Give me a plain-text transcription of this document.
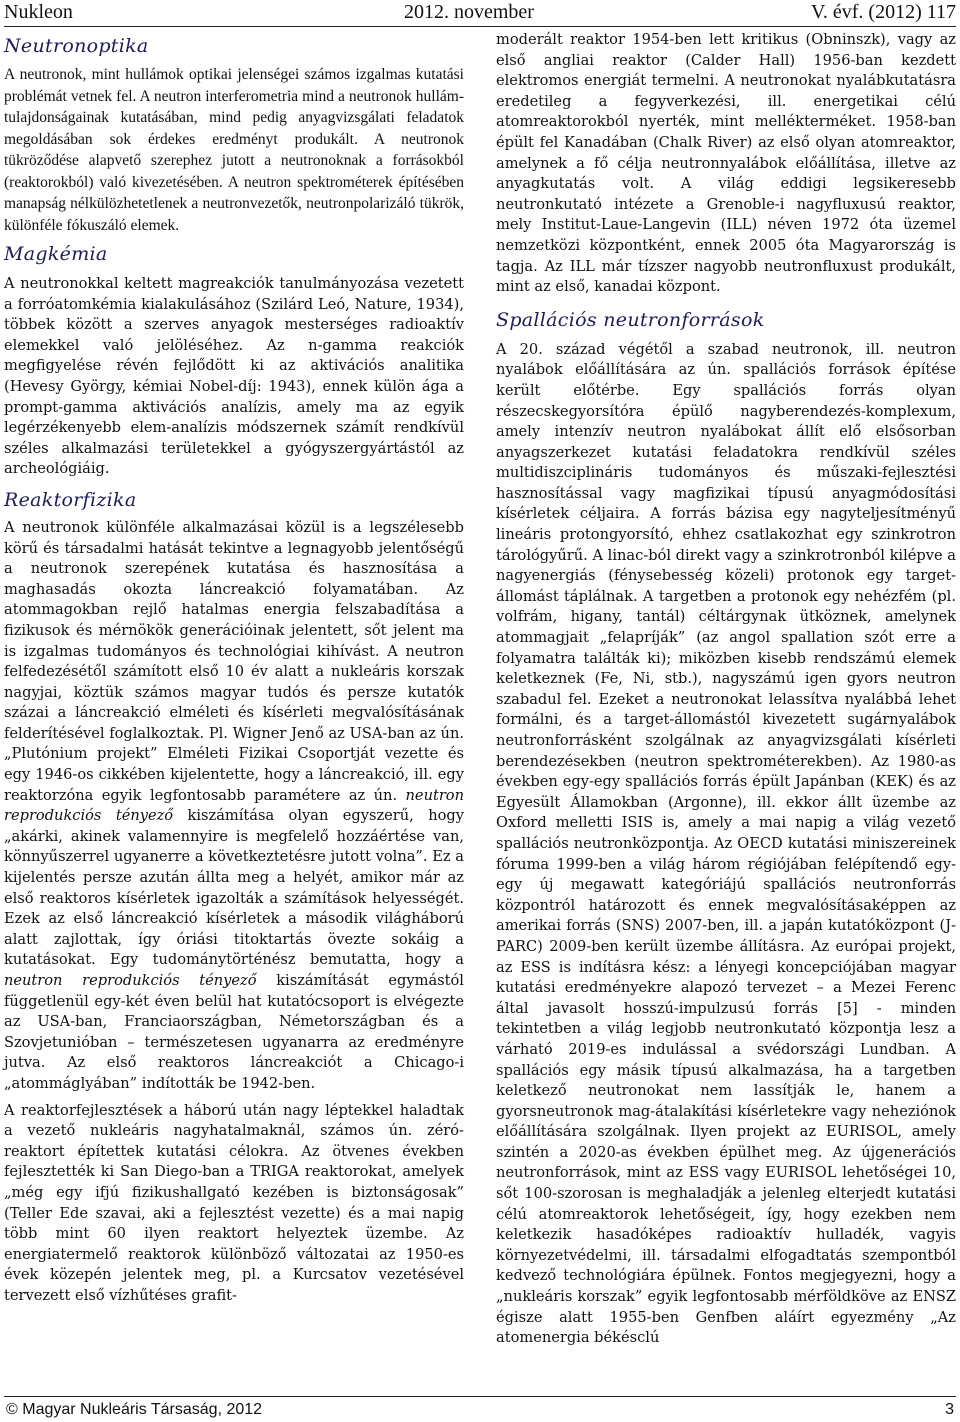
Nukleon	2012. november	V. évf. (2012) 117
Neutronoptika

A neutronok, mint hullámok optikai jelenségei számos izgalmas kutatási problémát vetnek fel. A neutron interferometria mind a neutronok hullám-tulajdonságainak kutatásában, mind pedig anyagvizsgálati feladatok megoldásában sok érdekes eredményt produkált. A neutronok tükröződése alapvető szerephez jutott a neutronoknak a forrásokból (reaktorokból) való kivezetésében. A neutron spektrométerek építésében manapság nélkülözhetetlenek a neutronvezetők, neutronpolarizáló tükrök, különféle fókuszáló elemek.

Magkémia

A neutronokkal keltett magreakciók tanulmányozása vezetett a forróatomkémia kialakulásához (Szilárd Leó, Nature, 1934), többek között a szerves anyagok mesterséges radioaktív elemekkel való jelöléséhez. Az n-gamma reakciók megfigyelése révén fejlődött ki az aktivációs analitika (Hevesy György, kémiai Nobel-díj: 1943), ennek külön ága a prompt-gamma aktivációs analízis, amely ma az egyik legérzékenyebb elem-analízis módszernek számít rendkívül széles alkalmazási területekkel a gyógyszergyártástól az archeológiáig.

Reaktorfizika

A neutronok különféle alkalmazásai közül is a legszélesebb körű és társadalmi hatását tekintve a legnagyobb jelentőségű a neutronok szerepének kutatása és hasznosítása a maghasadás okozta láncreakció folyamatában. Az atommagokban rejlő hatalmas energia felszabadítása a fizikusok és mérnökök generációinak jelentett, sőt jelent ma is izgalmas tudományos és technológiai kihívást. A neutron felfedezésétől számított első 10 év alatt a nukleáris korszak nagyjai, köztük számos magyar tudós és persze kutatók százai a láncreakció elméleti és kísérleti megvalósításának felderítésével foglalkoztak. Pl. Wigner Jenő az USA-ban az ún. „Plutónium projekt” Elméleti Fizikai Csoportját vezette és egy 1946-os cikkében kijelentette, hogy a láncreakció, ill. egy reaktorzóna egyik legfontosabb paramétere az ún. neutron reprodukciós tényező kiszámítása olyan egyszerű, hogy „akárki, akinek valamennyire is megfelelő hozzáértése van, könnyűszerrel ugyanerre a következtetésre jutott volna”. Ez a kijelentés persze azután állta meg a helyét, amikor már az első reaktoros kísérletek igazolták a számítások helyességét. Ezek az első láncreakció kísérletek a második világháború alatt zajlottak, így óriási titoktartás övezte sokáig a kutatásokat. Egy tudománytörténész bemutatta, hogy a neutron reprodukciós tényező kiszámítását egymástól függetlenül egy-két éven belül hat kutatócsoport is elvégezte az USA-ban, Franciaországban, Németországban és a Szovjetunióban – természetesen ugyanarra az eredményre jutva. Az első reaktoros láncreakciót a Chicago-i „atommáglyában” indították be 1942-ben.

A reaktorfejlesztések a háború után nagy léptekkel haladtak a vezető nukleáris nagyhatalmaknál, számos ún. zéró-reaktort építettek kutatási célokra. Az ötvenes években fejlesztették ki San Diego-ban a TRIGA reaktorokat, amelyek „még egy ifjú fizikushallgató kezében is biztonságosak” (Teller Ede szavai, aki a fejlesztést vezette) és a mai napig több mint 60 ilyen reaktort helyeztek üzembe. Az energiatermelő reaktorok különböző változatai az 1950-es évek közepén jelentek meg, pl. a Kurcsatov vezetésével tervezett első vízhűtéses grafit-

moderált reaktor 1954-ben lett kritikus (Obninszk), vagy az első angliai reaktor (Calder Hall) 1956-ban kezdett elektromos energiát termelni. A neutronokat nyalábkutatásra eredetileg a fegyverkezési, ill. energetikai célú atomreaktorokból nyerték, mint mellékterméket. 1958-ban épült fel Kanadában (Chalk River) az első olyan atomreaktor, amelynek a fő célja neutronnyalábok előállítása, illetve az anyagkutatás volt. A világ eddigi legsikeresebb neutronkutató intézete a Grenoble-i nagyfluxusú reaktor, mely Institut-Laue-Langevin (ILL) néven 1972 óta üzemel nemzetközi központként, ennek 2005 óta Magyarország is tagja. Az ILL már tízszer nagyobb neutronfluxust produkált, mint az első, kanadai központ.

Spallációs neutronforrások

A 20. század végétől a szabad neutronok, ill. neutron nyalábok előállítására az ún. spallációs források építése került előtérbe. Egy spallációs forrás olyan részecskegyorsítóra épülő nagyberendezés-komplexum, amely intenzív neutron nyalábokat állít elő elsősorban anyagszerkezet kutatási feladatokra rendkívül széles multidiszciplináris tudományos és műszaki-fejlesztési hasznosítással vagy magfizikai típusú anyagmódosítási kísérletek céljaira. A forrás bázisa egy nagyteljesítményű lineáris protongyorsító, ehhez csatlakozhat egy szinkrotron tárológyűrű. A linac-ból direkt vagy a szinkrotronból kilépve a nagyenergiás (fénysebesség közeli) protonok egy target-állomást táplálnak. A targetben a protonok egy nehézfém (pl. volfrám, higany, tantál) céltárgynak ütköznek, amelynek atommagjait „felapríják” (az angol spallation szót erre a folyamatra találták ki); miközben kisebb rendszámú elemek keletkeznek (Fe, Ni, stb.), nagyszámú igen gyors neutron szabadul fel. Ezeket a neutronokat lelassítva nyalábbá lehet formálni, és a target-állomástól kivezetett sugárnyalábok neutronforrásként szolgálnak az anyagvizsgálati kísérleti berendezésekben (neutron spektrométerekben). Az 1980-as években egy-egy spallációs forrás épült Japánban (KEK) és az Egyesült Államokban (Argonne), ill. ekkor állt üzembe az Oxford melletti ISIS is, amely a mai napig a világ vezető spallációs neutronközpontja. Az OECD kutatási miniszereinek fóruma 1999-ben a világ három régiójában felépítendő egy-egy új megawatt kategóriájú spallációs neutronforrás központról határozott és ennek megvalósításaképpen az amerikai forrás (SNS) 2007-ben, ill. a japán kutatóközpont (J-PARC) 2009-ben került üzembe állításra. Az európai projekt, az ESS is indításra kész: a lényegi koncepciójában magyar kutatási eredményekre alapozó tervezet – a Mezei Ferenc által javasolt hosszú-impulzusú forrás [5] - minden tekintetben a világ legjobb neutronkutató központja lesz a várható 2019-es indulással a svédországi Lundban. A spallációs egy másik típusú alkalmazása, ha a targetben keletkező neutronokat nem lassítják le, hanem a gyorsneutronok mag-átalakítási kísérletekre vagy neheziónok előállítására szolgálnak. Ilyen projekt az EURISOL, amely szintén a 2020-as években épülhet meg. Az újgenerációs neutronforrások, mint az ESS vagy EURISOL lehetőségei 10, sőt 100-szorosan is meghaladják a jelenleg elterjedt kutatási célú atomreaktorok lehetőségeit, így, hogy ezekben nem keletkezik hasadóképes radioaktív hulladék, vagyis környezetvédelmi, ill. társadalmi elfogadtatás szempontból kedvező technológiára épülnek. Fontos megjegyezni, hogy a „nukleáris korszak” egyik legfontosabb mérföldköve az ENSZ égisze alatt 1955-ben Genfben aláírt egyezmény „Az atomenergia békésclú

© Magyar Nukleáris Társaság, 2012	3
